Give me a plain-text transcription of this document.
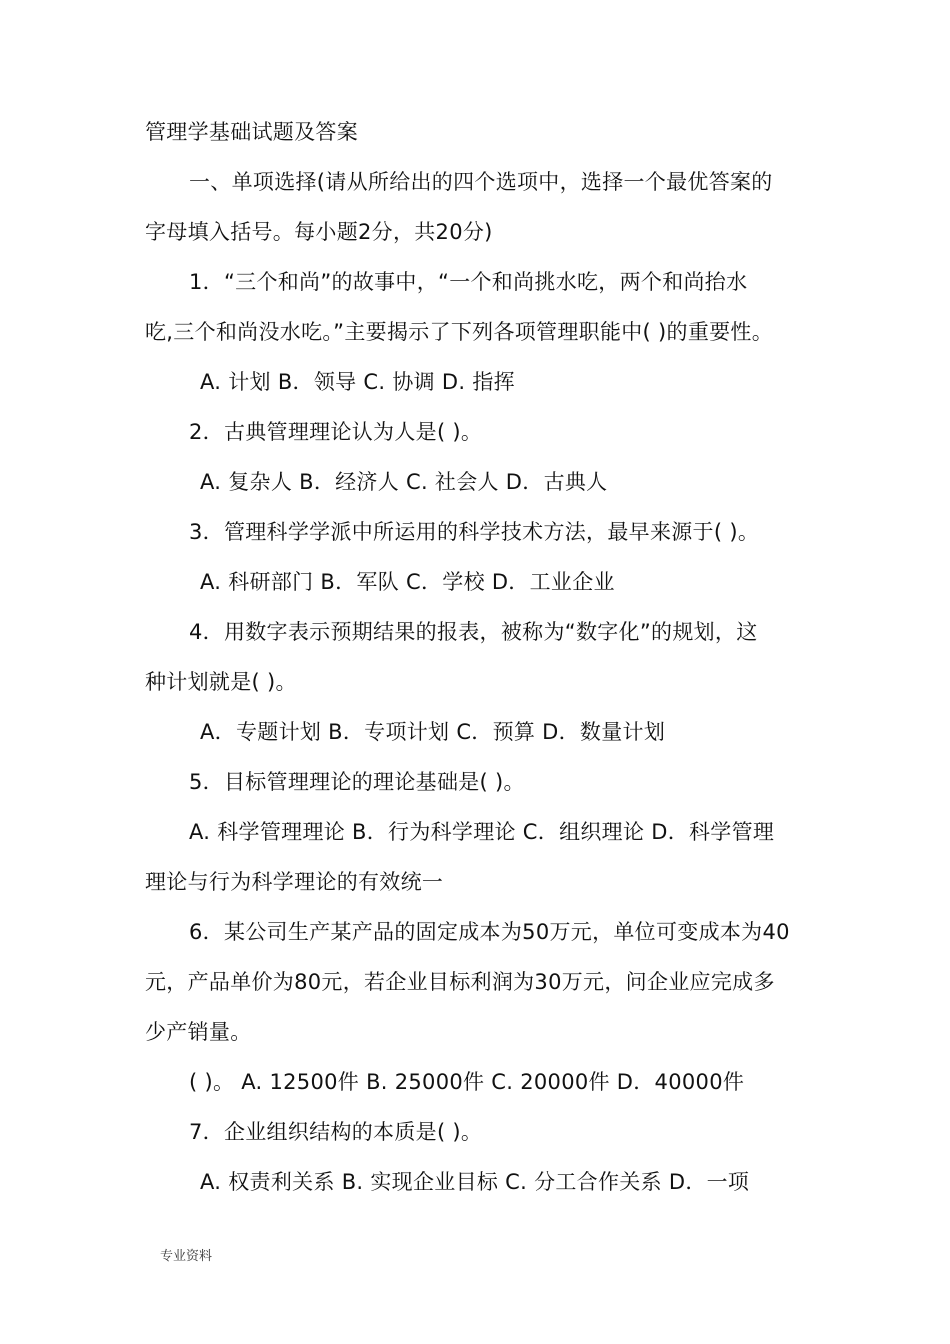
管理学基础试题及答案
一、单项选择(请从所给出的四个选项中，选择一个最优答案的
字母填入括号。每小题2分，共20分)
1．“三个和尚”的故事中，“一个和尚挑水吃，两个和尚抬水
吃,三个和尚没水吃。”主要揭示了下列各项管理职能中( )的重要性。
A. 计划 B．领导 C. 协调 D. 指挥
2．古典管理理论认为人是( )。
A. 复杂人 B．经济人 C. 社会人 D．古典人
3．管理科学学派中所运用的科学技术方法，最早来源于( )。
A. 科研部门 B．军队 C．学校 D．工业企业
4．用数字表示预期结果的报表，被称为“数字化”的规划，这
种计划就是( )。
A．专题计划 B．专项计划 C．预算 D．数量计划
5．目标管理理论的理论基础是( )。
A. 科学管理理论 B．行为科学理论 C．组织理论 D．科学管理
理论与行为科学理论的有效统一
6．某公司生产某产品的固定成本为50万元，单位可变成本为40
元，产品单价为80元，若企业目标利润为30万元，问企业应完成多
少产销量。
( )。 A. 12500件 B. 25000件 C. 20000件 D．40000件
7．企业组织结构的本质是( )。
A. 权责利关系 B. 实现企业目标 C. 分工合作关系 D．一项
专业资料
